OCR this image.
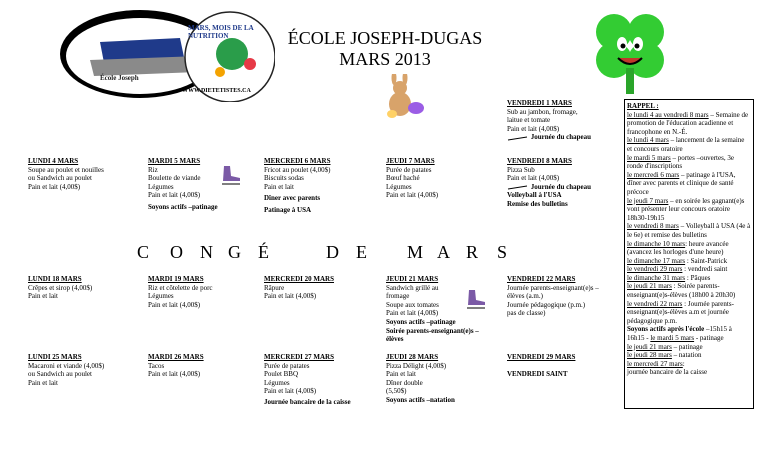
Bienvenue
École Joseph
MARS, MOIS DE LA NUTRITION
WWW.DIETETISTES.CA
ÉCOLE JOSEPH-DUGAS
MARS 2013
VENDREDI 1 MARS
Sub au jambon, fromage,
laitue et tomate
Pain et lait (4,00$)
Journée du chapeau
LUNDI 4 MARS
Soupe au poulet et nouilles
ou Sandwich au poulet
Pain et lait (4,00$)
MARDI 5 MARS
Riz
Boulette de viande
Légumes
Pain et lait (4,00$)
Soyons actifs –patinage
MERCREDI 6 MARS
Fricot au poulet (4,00$)
Biscuits sodas
Pain et lait
Dîner avec parents
Patinage à USA
JEUDI 7 MARS
Purée de patates
Bœuf haché
Légumes
Pain et lait (4,00$)
VENDREDI 8 MARS
Pizza Sub
Pain et lait (4,00$)
Journée du chapeau
Volleyball à l'USA
Remise des bulletins
C O N G É	D E M A R S
LUNDI 18 MARS
Crêpes et sirop (4,00$)
Pain et lait
MARDI 19 MARS
Riz et côtelette de porc
Légumes
Pain et lait (4,00$)
MERCREDI 20 MARS
Râpure
Pain et lait (4,00$)
JEUDI 21 MARS
Sandwich grillé au
fromage
Soupe aux tomates
Pain et lait (4,00$)
Soyons actifs –patinage
Soirée parents-enseignant(e)s –
élèves
VENDREDI 22 MARS
Journée parents-enseignant(e)s –
élèves (a.m.)
Journée pédagogique (p.m.)
pas de classe)
LUNDI 25 MARS
Macaroni et viande (4,00$)
ou Sandwich au poulet
Pain et lait
MARDI 26 MARS
Tacos
Pain et lait (4,00$)
MERCREDI 27 MARS
Purée de patates
Poulet BBQ
Légumes
Pain et lait (4,00$)
Journée bancaire de la caisse
JEUDI 28 MARS
Pizza Délight (4,00$)
Pain et lait
Dîner double
(5,50$)
Soyons actifs –natation
VENDREDI 29 MARS
VENDREDI SAINT
RAPPEL :
le lundi 4 au vendredi 8 mars – Semaine de promotion de l'éducation acadienne et francophone en N.-É.
le lundi 4 mars – lancement de la semaine et concours oratoire
le mardi 5 mars – portes –ouvertes, 3e ronde d'inscriptions
le mercredi 6 mars – patinage à l'USA, dîner avec parents et clinique de santé précoce
le jeudi 7 mars – en soirée les gagnant(e)s vont présenter leur concours oratoire 18h30-19h15
le vendredi 8 mars – Volleyball à USA (4e à le 6e) et remise des bulletins
le dimanche 10 mars: heure avancée (avancez les horloges d'une heure)
le dimanche 17 mars : Saint-Patrick
le vendredi 29 mars : vendredi saint
le dimanche 31 mars : Pâques
le jeudi 21 mars : Soirée parents-enseignant(e)s-élèves (18h00 à 20h30)
le vendredi 22 mars : Journée parents-enseignant(e)s-élèves a.m et journée pédagogique p.m.
Soyons actifs après l'école –15h15 à 16h15 - le mardi 5 mars - patinage
le jeudi 21 mars – patinage
le jeudi 28 mars – natation
le mercredi 27 mars:
journée bancaire de la caisse
